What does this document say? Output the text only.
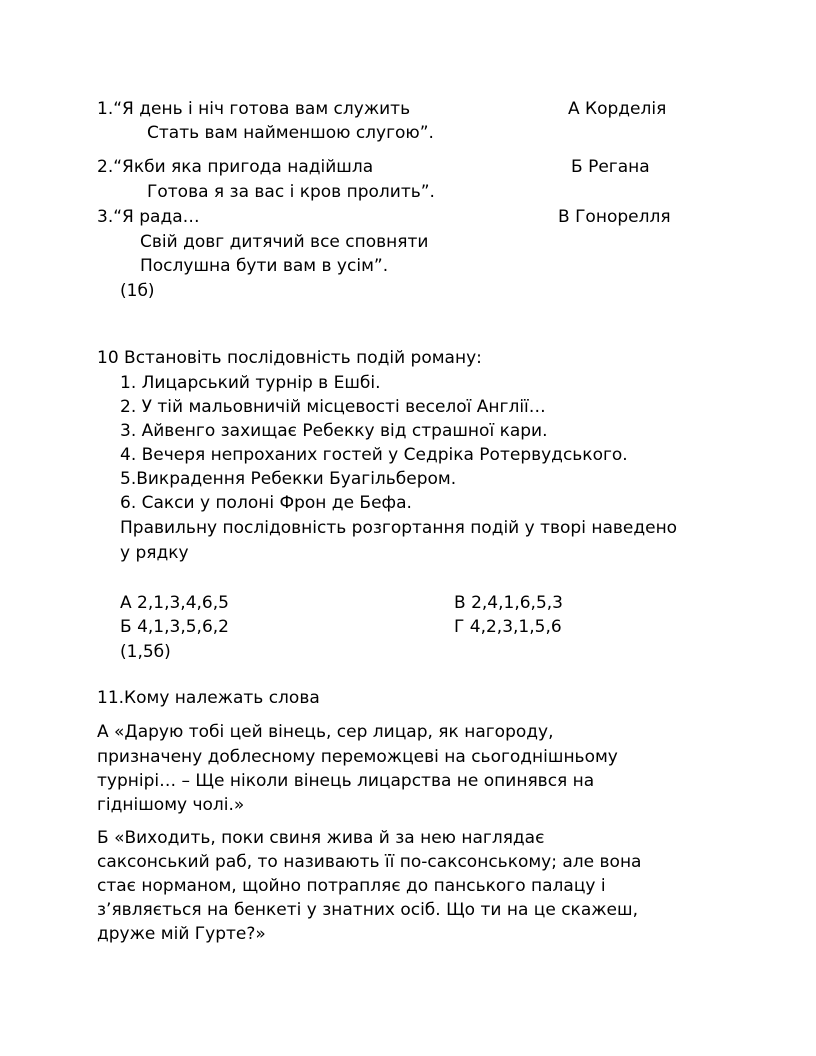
1.“Я день і ніч готова вам служить	А Корделія
Стать вам найменшою слугою”.
2.“Якби яка пригода надійшла	Б Регана
Готова я за вас і кров пролить”.
3.“Я рада…	В Гонорелля
Свій довг дитячий все сповняти
Послушна бути вам в усім”.
(1б)
10 Встановіть послідовність подій роману:
1. Лицарський турнір в Ешбі.
2. У тій мальовничій місцевості веселої Англії…
3. Айвенго захищає Ребекку від страшної кари.
4. Вечеря непроханих гостей у Седріка Ротервудського.
5.Викрадення Ребекки Буагільбером.
6. Сакси у полоні Фрон де Бефа.
Правильну послідовність розгортання подій у творі наведено
у рядку
А 2,1,3,4,6,5	В 2,4,1,6,5,3
Б 4,1,3,5,6,2	Г 4,2,3,1,5,6
(1,5б)
11.Кому належать слова
А «Дарую тобі цей вінець, сер лицар, як нагороду,
призначену доблесному переможцеві на сьогоднішньому
турнірі… – Ще ніколи вінець лицарства не опинявся на
гіднішому чолі.»
Б «Виходить, поки свиня жива й за нею наглядає
саксонський раб, то називають її по-саксонському; але вона
стає норманом, щойно потрапляє до панського палацу і
з’являється на бенкеті у знатних осіб. Що ти на це скажеш,
друже мій Гурте?»
